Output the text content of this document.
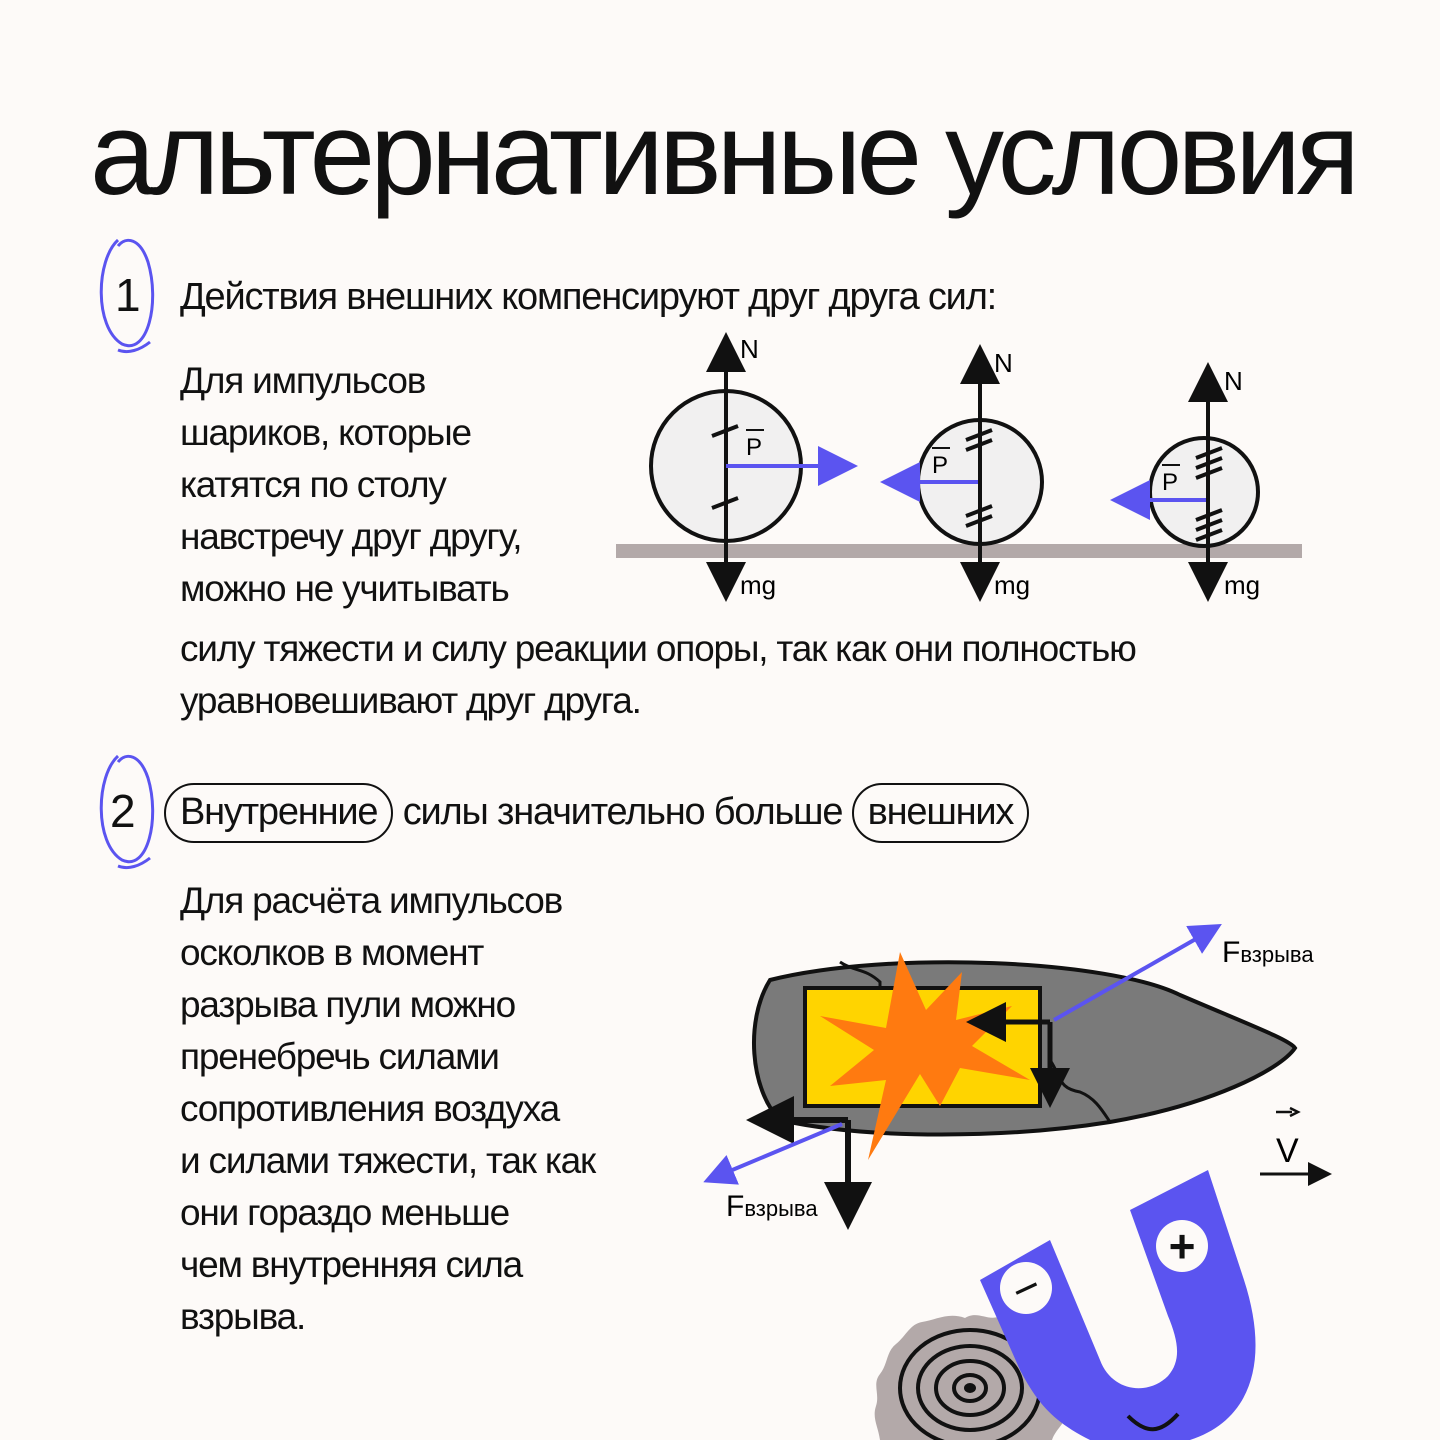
альтернативные условия
1 Действия внешних компенсируют друг друга сил:
Для импульсов
шариков, которые
катятся по столу
навстречу друг другу,
можно не учитывать
силу тяжести и силу реакции опоры, так как они полностью
уравновешивают друг друга.
P
N
mg
P
N
mg
P
N
mg
2	Внутренние силы значительно больше внешних
Для расчёта импульсов
осколков в момент
разрыва пули можно
пренебречь силами
сопротивления воздуха
и силами тяжести, так как
они гораздо меньше
чем внутренняя сила
взрыва.
Fвзрыва
Fвзрыва
V
−
+
